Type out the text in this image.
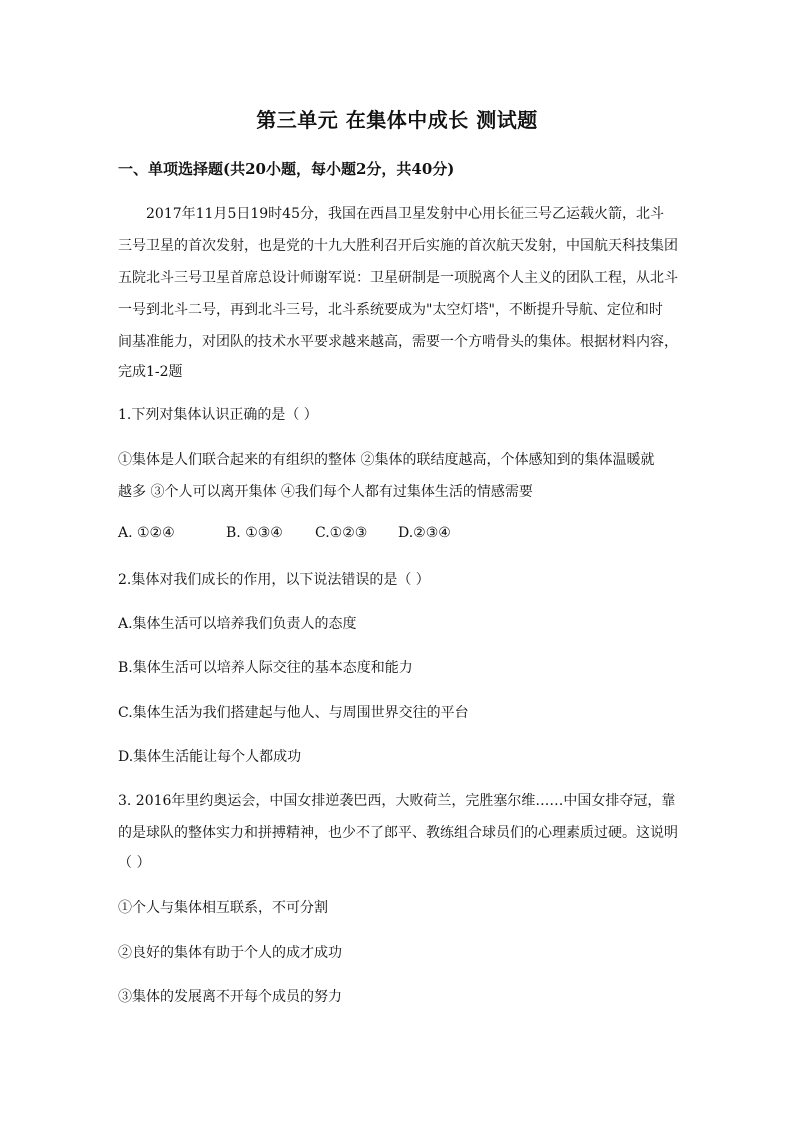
第三单元 在集体中成长 测试题
一、单项选择题(共20小题，每小题2分，共40分)
2017年11月5日19时45分，我国在西昌卫星发射中心用长征三号乙运载火箭，北斗
三号卫星的首次发射，也是党的十九大胜利召开后实施的首次航天发射，中国航天科技集团
五院北斗三号卫星首席总设计师谢军说：卫星研制是一项脱离个人主义的团队工程，从北斗
一号到北斗二号，再到北斗三号，北斗系统要成为"太空灯塔"，不断提升导航、定位和时
间基准能力，对团队的技术水平要求越来越高，需要一个方啃骨头的集体。根据材料内容，
完成1-2题
1.下列对集体认识正确的是（ ）
①集体是人们联合起来的有组织的整体 ②集体的联结度越高，个体感知到的集体温暖就
越多 ③个人可以离开集体 ④我们每个人都有过集体生活的情感需要
A. ①②④	B. ①③④ C.①②③ D.②③④
2.集体对我们成长的作用，以下说法错误的是（ ）
A.集体生活可以培养我们负责人的态度
B.集体生活可以培养人际交往的基本态度和能力
C.集体生活为我们搭建起与他人、与周围世界交往的平台
D.集体生活能让每个人都成功
3. 2016年里约奥运会，中国女排逆袭巴西，大败荷兰，完胜塞尔维……中国女排夺冠，靠
的是球队的整体实力和拼搏精神，也少不了郎平、教练组合球员们的心理素质过硬。这说明
（ ）
①个人与集体相互联系，不可分割
②良好的集体有助于个人的成才成功
③集体的发展离不开每个成员的努力
